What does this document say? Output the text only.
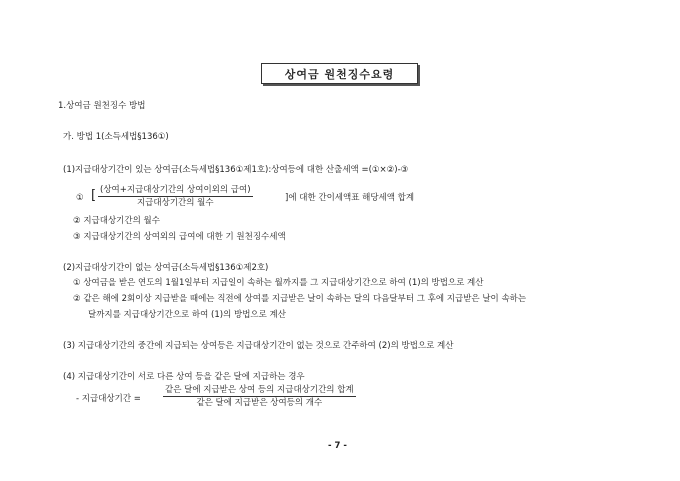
상여금 원천징수요령
1.상여금 원천징수 방법
가. 방법 1(소득세법§136①)
(1)지급대상기간이 있는 상여금(소득세법§136①제1호):상여등에 대한 산출세액 =(①×②)-③
① [ (상여+지급대상기간의 상여이외의 급여)
지급대상기간의 월수	]에 대한 간이세액표 해당세액 합계
② 지급대상기간의 월수
③ 지급대상기간의 상여외의 급여에 대한 기 원천징수세액
(2)지급대상기간이 없는 상여금(소득세법§136①제2호)
① 상여금을 받은 연도의 1월1일부터 지급일이 속하는 월까지를 그 지급대상기간으로 하여 (1)의 방법으로 계산
② 같은 해에 2회이상 지급받을 때에는 직전에 상여를 지급받은 날이 속하는 달의 다음달부터 그 후에 지급받은 날이 속하는
달까지를 지급대상기간으로 하여 (1)의 방법으로 계산
(3) 지급대상기간의 중간에 지급되는 상여등은 지급대상기간이 없는 것으로 간주하여 (2)의 방법으로 계산
(4) 지급대상기간이 서로 다른 상여 등을 같은 달에 지급하는 경우
- 지급대상기간 =
같은 달에 지급받은 상여 등의 지급대상기간의 합계
같은 달에 지급받은 상여등의 개수
- 7 -
